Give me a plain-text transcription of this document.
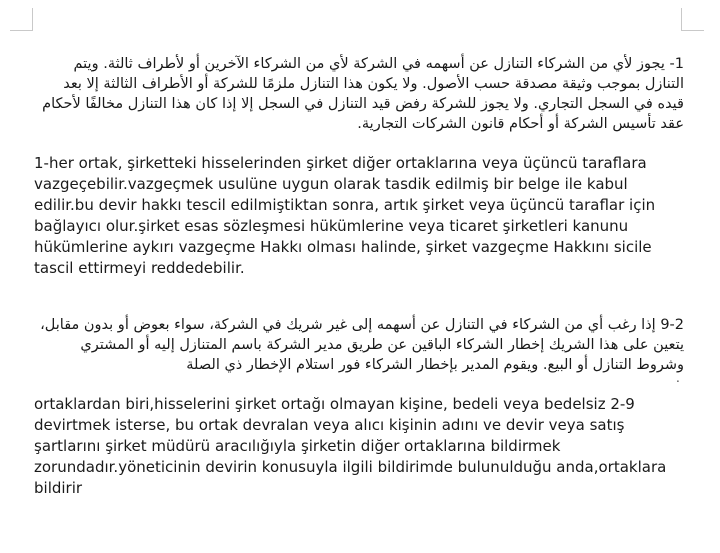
1- يجوز لأي من الشركاء التنازل عن أسهمه في الشركة لأي من الشركاء الآخرين أو لأطراف ثالثة. ويتم التنازل بموجب وثيقة مصدقة حسب الأصول. ولا يكون هذا التنازل ملزمًا للشركة أو الأطراف الثالثة إلا بعد قيده في السجل التجاري. ولا يجوز للشركة رفض قيد التنازل في السجل إلا إذا كان هذا التنازل مخالفًا لأحكام عقد تأسيس الشركة أو أحكام قانون الشركات التجارية.

1-her ortak, şirketteki hisselerinden şirket diğer ortaklarına veya üçüncü taraflara vazgeçebilir.vazgeçmek usulüne uygun olarak tasdik edilmiş bir belge ile kabul edilir.bu devir hakkı tescil edilmiştiktan sonra, artık şirket veya üçüncü taraflar için bağlayıcı olur.şirket esas sözleşmesi hükümlerine veya ticaret şirketleri kanunu hükümlerine aykırı vazgeçme Hakkı olması halinde, şirket vazgeçme Hakkını sicile tascil ettirmeyi reddedebilir.

9-2 إذا رغب أي من الشركاء في التنازل عن أسهمه إلى غير شريك في الشركة، سواء بعوض أو بدون مقابل، يتعين على هذا الشريك إخطار الشركاء الباقين عن طريق مدير الشركة باسم المتنازل إليه أو المشتري وشروط التنازل أو البيع. ويقوم المدير بإخطار الشركاء فور استلام الإخطار ذي الصلة

.

ortaklardan biri,hisselerini şirket ortağı olmayan kişine, bedeli veya bedelsiz 2-9 devirtmek isterse, bu ortak devralan veya alıcı kişinin adını ve devir veya satış şartlarını şirket müdürü aracılığıyla şirketin diğer ortaklarına bildirmek zorundadır.yöneticinin devirin konusuyla ilgili bildirimde bulunulduğu anda,ortaklara bildirir
